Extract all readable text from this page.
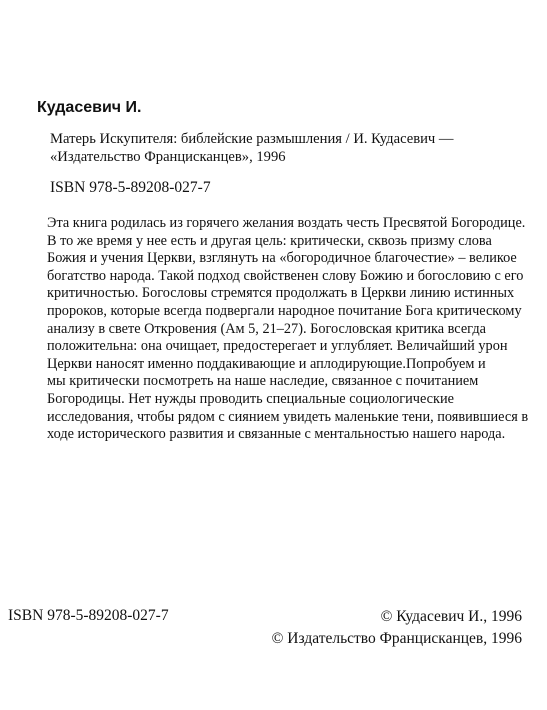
Кудасевич И.
Матерь Искупителя: библейские размышления / И. Кудасевич —
«Издательство Францисканцев», 1996
ISBN 978-5-89208-027-7
Эта книга родилась из горячего желания воздать честь Пресвятой Богородице.
В то же время у нее есть и другая цель: критически, сквозь призму слова
Божия и учения Церкви, взглянуть на «богородичное благочестие» – великое
богатство народа. Такой подход свойственен слову Божию и богословию с его
критичностью. Богословы стремятся продолжать в Церкви линию истинных
пророков, которые всегда подвергали народное почитание Бога критическому
анализу в свете Откровения (Ам 5, 21–27). Богословская критика всегда
положительна: она очищает, предостерегает и углубляет. Величайший урон
Церкви наносят именно поддакивающие и аплодирующие.Попробуем и
мы критически посмотреть на наше наследие, связанное с почитанием
Богородицы. Нет нужды проводить специальные социологические
исследования, чтобы рядом с сиянием увидеть маленькие тени, появившиеся в
ходе исторического развития и связанные с ментальностью нашего народа.
ISBN 978-5-89208-027-7	© Кудасевич И., 1996
© Издательство Францисканцев, 1996
